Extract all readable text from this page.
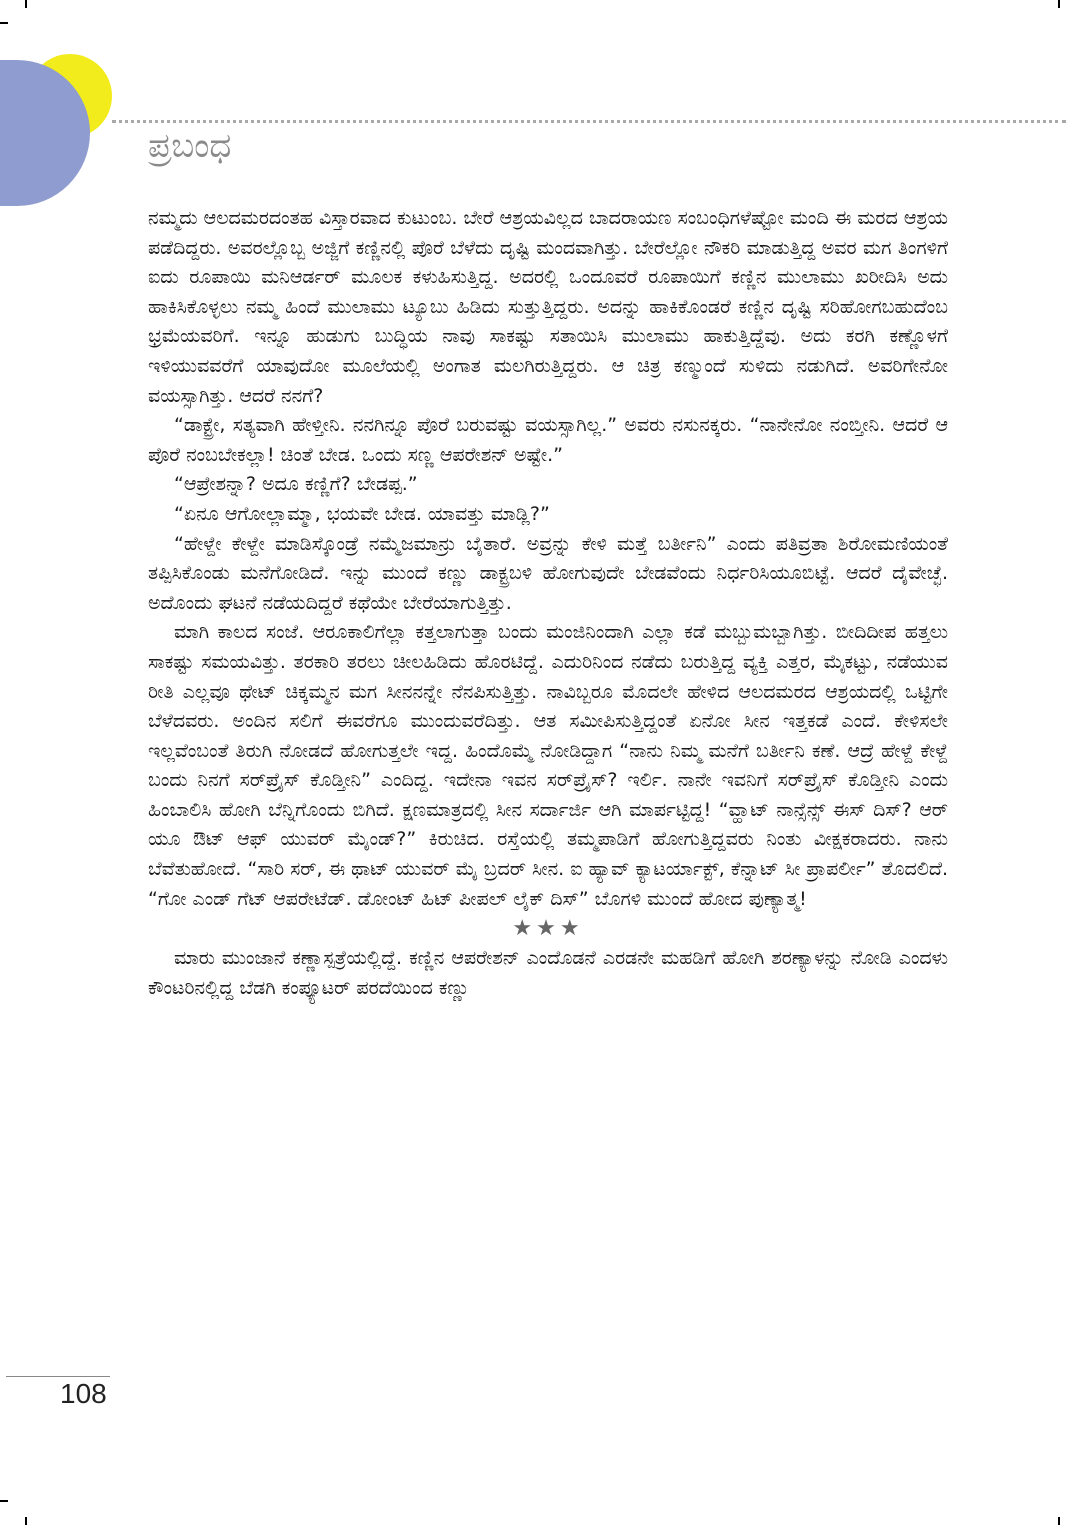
ಪ್ರಬಂಧ

ನಮ್ಮದು ಆಲದಮರದಂತಹ ವಿಸ್ತಾರವಾದ ಕುಟುಂಬ. ಬೇರೆ ಆಶ್ರಯವಿಲ್ಲದ ಬಾದರಾಯಣ ಸಂಬಂಧಿಗಳೆಷ್ಟೋ ಮಂದಿ ಈ ಮರದ ಆಶ್ರಯ ಪಡೆದಿದ್ದರು. ಅವರಲ್ಲೊಬ್ಬ ಅಜ್ಜಿಗೆ ಕಣ್ಣಿನಲ್ಲಿ ಪೊರೆ ಬೆಳೆದು ದೃಷ್ಟಿ ಮಂದವಾಗಿತ್ತು. ಬೇರೆಲ್ಲೋ ನೌಕರಿ ಮಾಡುತ್ತಿದ್ದ ಅವರ ಮಗ ತಿಂಗಳಿಗೆ ಐದು ರೂಪಾಯಿ ಮನಿಆರ್ಡರ್ ಮೂಲಕ ಕಳುಹಿಸುತ್ತಿದ್ದ. ಅದರಲ್ಲಿ ಒಂದೂವರೆ ರೂಪಾಯಿಗೆ ಕಣ್ಣಿನ ಮುಲಾಮು ಖರೀದಿಸಿ ಅದು ಹಾಕಿಸಿಕೊಳ್ಳಲು ನಮ್ಮ ಹಿಂದೆ ಮುಲಾಮು ಟ್ಯೂಬು ಹಿಡಿದು ಸುತ್ತುತ್ತಿದ್ದರು. ಅದನ್ನು ಹಾಕಿಕೊಂಡರೆ ಕಣ್ಣಿನ ದೃಷ್ಟಿ ಸರಿಹೋಗಬಹುದೆಂಬ ಭ್ರಮೆಯವರಿಗೆ. ಇನ್ನೂ ಹುಡುಗು ಬುದ್ಧಿಯ ನಾವು ಸಾಕಷ್ಟು ಸತಾಯಿಸಿ ಮುಲಾಮು ಹಾಕುತ್ತಿದ್ದೆವು. ಅದು ಕರಗಿ ಕಣ್ಣೊಳಗೆ ಇಳಿಯುವವರೆಗೆ ಯಾವುದೋ ಮೂಲೆಯಲ್ಲಿ ಅಂಗಾತ ಮಲಗಿರುತ್ತಿದ್ದರು. ಆ ಚಿತ್ರ ಕಣ್ಮುಂದೆ ಸುಳಿದು ನಡುಗಿದೆ. ಅವರಿಗೇನೋ ವಯಸ್ಸಾಗಿತ್ತು. ಆದರೆ ನನಗೆ?

“ಡಾಕ್ಟ್ರೇ, ಸತ್ಯವಾಗಿ ಹೇಳ್ತೀನಿ. ನನಗಿನ್ನೂ ಪೊರೆ ಬರುವಷ್ಟು ವಯಸ್ಸಾಗಿಲ್ಲ.” ಅವರು ನಸುನಕ್ಕರು. “ನಾನೇನೋ ನಂಬ್ತೀನಿ. ಆದರೆ ಆ ಪೊರೆ ನಂಬಬೇಕಲ್ಲಾ! ಚಿಂತೆ ಬೇಡ. ಒಂದು ಸಣ್ಣ ಆಪರೇಶನ್ ಅಷ್ಟೇ.”

“ಆಪ್ರೇಶನ್ನಾ? ಅದೂ ಕಣ್ಣಿಗೆ? ಬೇಡಪ್ಪ.”

“ಏನೂ ಆಗೋಲ್ಲಾಮ್ಮಾ, ಭಯವೇ ಬೇಡ. ಯಾವತ್ತು ಮಾಡ್ಲಿ?”

“ಹೇಳ್ದೇ ಕೇಳ್ದೇ ಮಾಡಿಸ್ಕೊಂಡ್ರೆ ನಮ್ಮೆಜಮಾನ್ರು ಬೈತಾರೆ. ಅವ್ರನ್ನು ಕೇಳಿ ಮತ್ತೆ ಬರ್ತೀನಿ” ಎಂದು ಪತಿವ್ರತಾ ಶಿರೋಮಣಿಯಂತೆ ತಪ್ಪಿಸಿಕೊಂಡು ಮನೆಗೋಡಿದೆ. ಇನ್ನು ಮುಂದೆ ಕಣ್ಣು ಡಾಕ್ಟ್ರಬಳಿ ಹೋಗುವುದೇ ಬೇಡವೆಂದು ನಿರ್ಧರಿಸಿಯೂಬಿಟ್ಟೆ. ಆದರೆ ದೈವೇಚ್ಛೆ. ಅದೊಂದು ಘಟನೆ ನಡೆಯದಿದ್ದರೆ ಕಥೆಯೇ ಬೇರೆಯಾಗುತ್ತಿತ್ತು.

ಮಾಗಿ ಕಾಲದ ಸಂಜೆ. ಆರೂಕಾಲಿಗೆಲ್ಲಾ ಕತ್ತಲಾಗುತ್ತಾ ಬಂದು ಮಂಜಿನಿಂದಾಗಿ ಎಲ್ಲಾ ಕಡೆ ಮಬ್ಬುಮಬ್ಬಾಗಿತ್ತು. ಬೀದಿದೀಪ ಹತ್ತಲು ಸಾಕಷ್ಟು ಸಮಯವಿತ್ತು. ತರಕಾರಿ ತರಲು ಚೀಲಹಿಡಿದು ಹೊರಟಿದ್ದೆ. ಎದುರಿನಿಂದ ನಡೆದು ಬರುತ್ತಿದ್ದ ವ್ಯಕ್ತಿ ಎತ್ತರ, ಮೈಕಟ್ಟು, ನಡೆಯುವ ರೀತಿ ಎಲ್ಲವೂ ಥೇಟ್ ಚಿಕ್ಕಮ್ಮನ ಮಗ ಸೀನನನ್ನೇ ನೆನಪಿಸುತ್ತಿತ್ತು. ನಾವಿಬ್ಬರೂ ಮೊದಲೇ ಹೇಳಿದ ಆಲದಮರದ ಆಶ್ರಯದಲ್ಲಿ ಒಟ್ಟಿಗೇ ಬೆಳೆದವರು. ಅಂದಿನ ಸಲಿಗೆ ಈವರೆಗೂ ಮುಂದುವರೆದಿತ್ತು. ಆತ ಸಮೀಪಿಸುತ್ತಿದ್ದಂತೆ ಏನೋ ಸೀನ ಇತ್ತಕಡೆ ಎಂದೆ. ಕೇಳಿಸಲೇ ಇಲ್ಲವೆಂಬಂತೆ ತಿರುಗಿ ನೋಡದೆ ಹೋಗುತ್ತಲೇ ಇದ್ದ. ಹಿಂದೊಮ್ಮೆ ನೋಡಿದ್ದಾಗ “ನಾನು ನಿಮ್ಮ ಮನೆಗೆ ಬರ್ತೀನಿ ಕಣೆ. ಆದ್ರೆ ಹೇಳ್ದೆ ಕೇಳ್ದೆ ಬಂದು ನಿನಗೆ ಸರ್‌ಪ್ರೈಸ್ ಕೊಡ್ತೀನಿ” ಎಂದಿದ್ದ. ಇದೇನಾ ಇವನ ಸರ್‌ಪ್ರೈಸ್? ಇರ್ಲಿ. ನಾನೇ ಇವನಿಗೆ ಸರ್‌ಪ್ರೈಸ್ ಕೊಡ್ತೀನಿ ಎಂದು ಹಿಂಬಾಲಿಸಿ ಹೋಗಿ ಬೆನ್ನಿಗೊಂದು ಬಿಗಿದೆ. ಕ್ಷಣಮಾತ್ರದಲ್ಲಿ ಸೀನ ಸರ್ದಾರ್ಜಿ ಆಗಿ ಮಾರ್ಪಟ್ಟಿದ್ದ! “ವ್ಹಾಟ್ ನಾನ್ಸೆನ್ಸ್ ಈಸ್ ದಿಸ್? ಆರ್ ಯೂ ಔಟ್ ಆಫ್ ಯುವರ್ ಮೈಂಡ್?” ಕಿರುಚಿದ. ರಸ್ತೆಯಲ್ಲಿ ತಮ್ಮಪಾಡಿಗೆ ಹೋಗುತ್ತಿದ್ದವರು ನಿಂತು ವೀಕ್ಷಕರಾದರು. ನಾನು ಬೆವೆತುಹೋದೆ. “ಸಾರಿ ಸರ್, ಈ ಥಾಟ್ ಯುವರ್ ಮೈ ಬ್ರದರ್ ಸೀನ. ಐ ಹ್ಯಾವ್ ಕ್ಯಾಟರ್ಯಾಕ್ಟ್, ಕೆನ್ನಾಟ್ ಸೀ ಪ್ರಾಪರ್ಲೀ” ತೊದಲಿದೆ. “ಗೋ ಎಂಡ್ ಗೆಟ್ ಆಪರೇಟೆಡ್. ಡೋಂಟ್ ಹಿಟ್ ಪೀಪಲ್ ಲೈಕ್ ದಿಸ್” ಬೊಗಳಿ ಮುಂದೆ ಹೋದ ಪುಣ್ಯಾತ್ಮ!

★★★

ಮಾರು ಮುಂಜಾನೆ ಕಣ್ಣಾಸ್ಪತ್ರೆಯಲ್ಲಿದ್ದೆ. ಕಣ್ಣಿನ ಆಪರೇಶನ್ ಎಂದೊಡನೆ ಎರಡನೇ ಮಹಡಿಗೆ ಹೋಗಿ ಶರಣ್ಯಾಳನ್ನು ನೋಡಿ ಎಂದಳು ಕೌಂಟರಿನಲ್ಲಿದ್ದ ಬೆಡಗಿ ಕಂಪ್ಯೂಟರ್ ಪರದೆಯಿಂದ ಕಣ್ಣು

108
